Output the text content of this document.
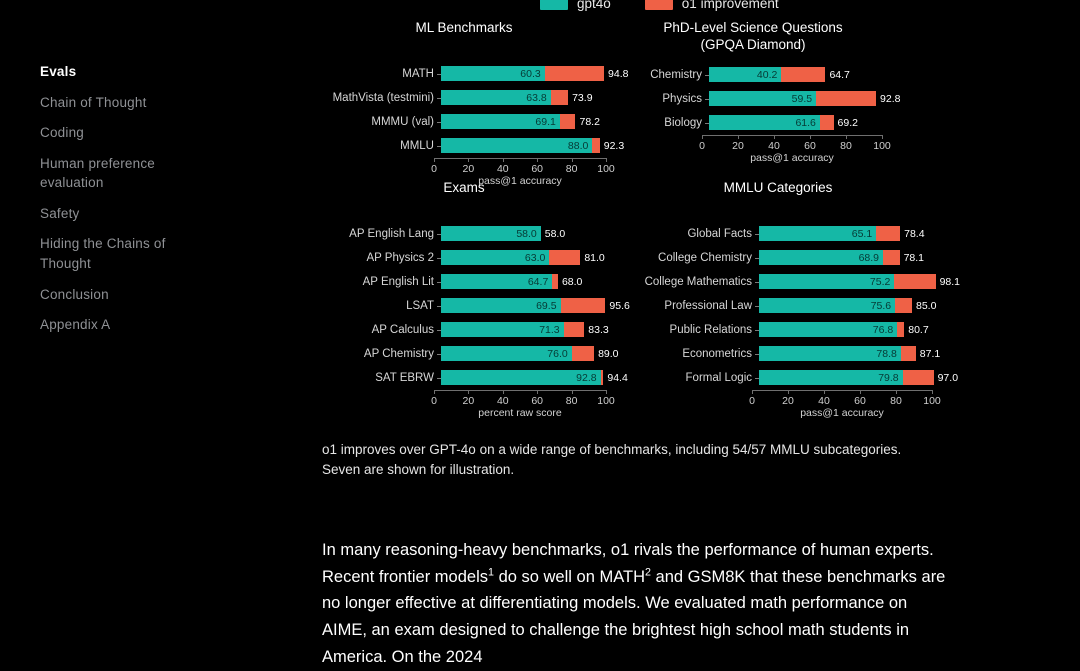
Evals
Chain of Thought
Coding
Human preference evaluation
Safety
Hiding the Chains of Thought
Conclusion
Appendix A
gpt4o	o1 improvement
ML Benchmarks
MATH	60.3	94.8
MathVista (testmini)	63.8	73.9
MMMU (val)	69.1	78.2
MMLU	88.0	92.3
0 20 40 60 80 100
pass@1 accuracy
PhD-Level Science Questions
(GPQA Diamond)
Chemistry	40.2	64.7
Physics	59.5	92.8
Biology	61.6	69.2
0	20 40 60 80 100
pass@1 accuracy
Exams
AP English Lang	58.0 58.0
AP Physics 2	63.0	81.0
AP English Lit	64.7	68.0
LSAT	69.5	95.6
AP Calculus	71.3	83.3
AP Chemistry	76.0	89.0
SAT EBRW	92.8	94.4
0 20 40 60 80 100
percent raw score
MMLU Categories
Global Facts	65.1	78.4
College Chemistry	68.9	78.1
College Mathematics	75.2	98.1
Professional Law	75.6	85.0
Public Relations	76.8	80.7
Econometrics	78.8	87.1
Formal Logic	79.8	97.0
0	20 40 60 80 100
pass@1 accuracy
o1 improves over GPT-4o on a wide range of benchmarks, including 54/57 MMLU subcategories. Seven are shown for illustration.
In many reasoning-heavy benchmarks, o1 rivals the performance of human experts. Recent frontier models$^1$ do so well on MATH$^2$ and GSM8K that these benchmarks are no longer effective at differentiating models. We evaluated math performance on AIME, an exam designed to challenge the brightest high school math students in America. On the 2024
